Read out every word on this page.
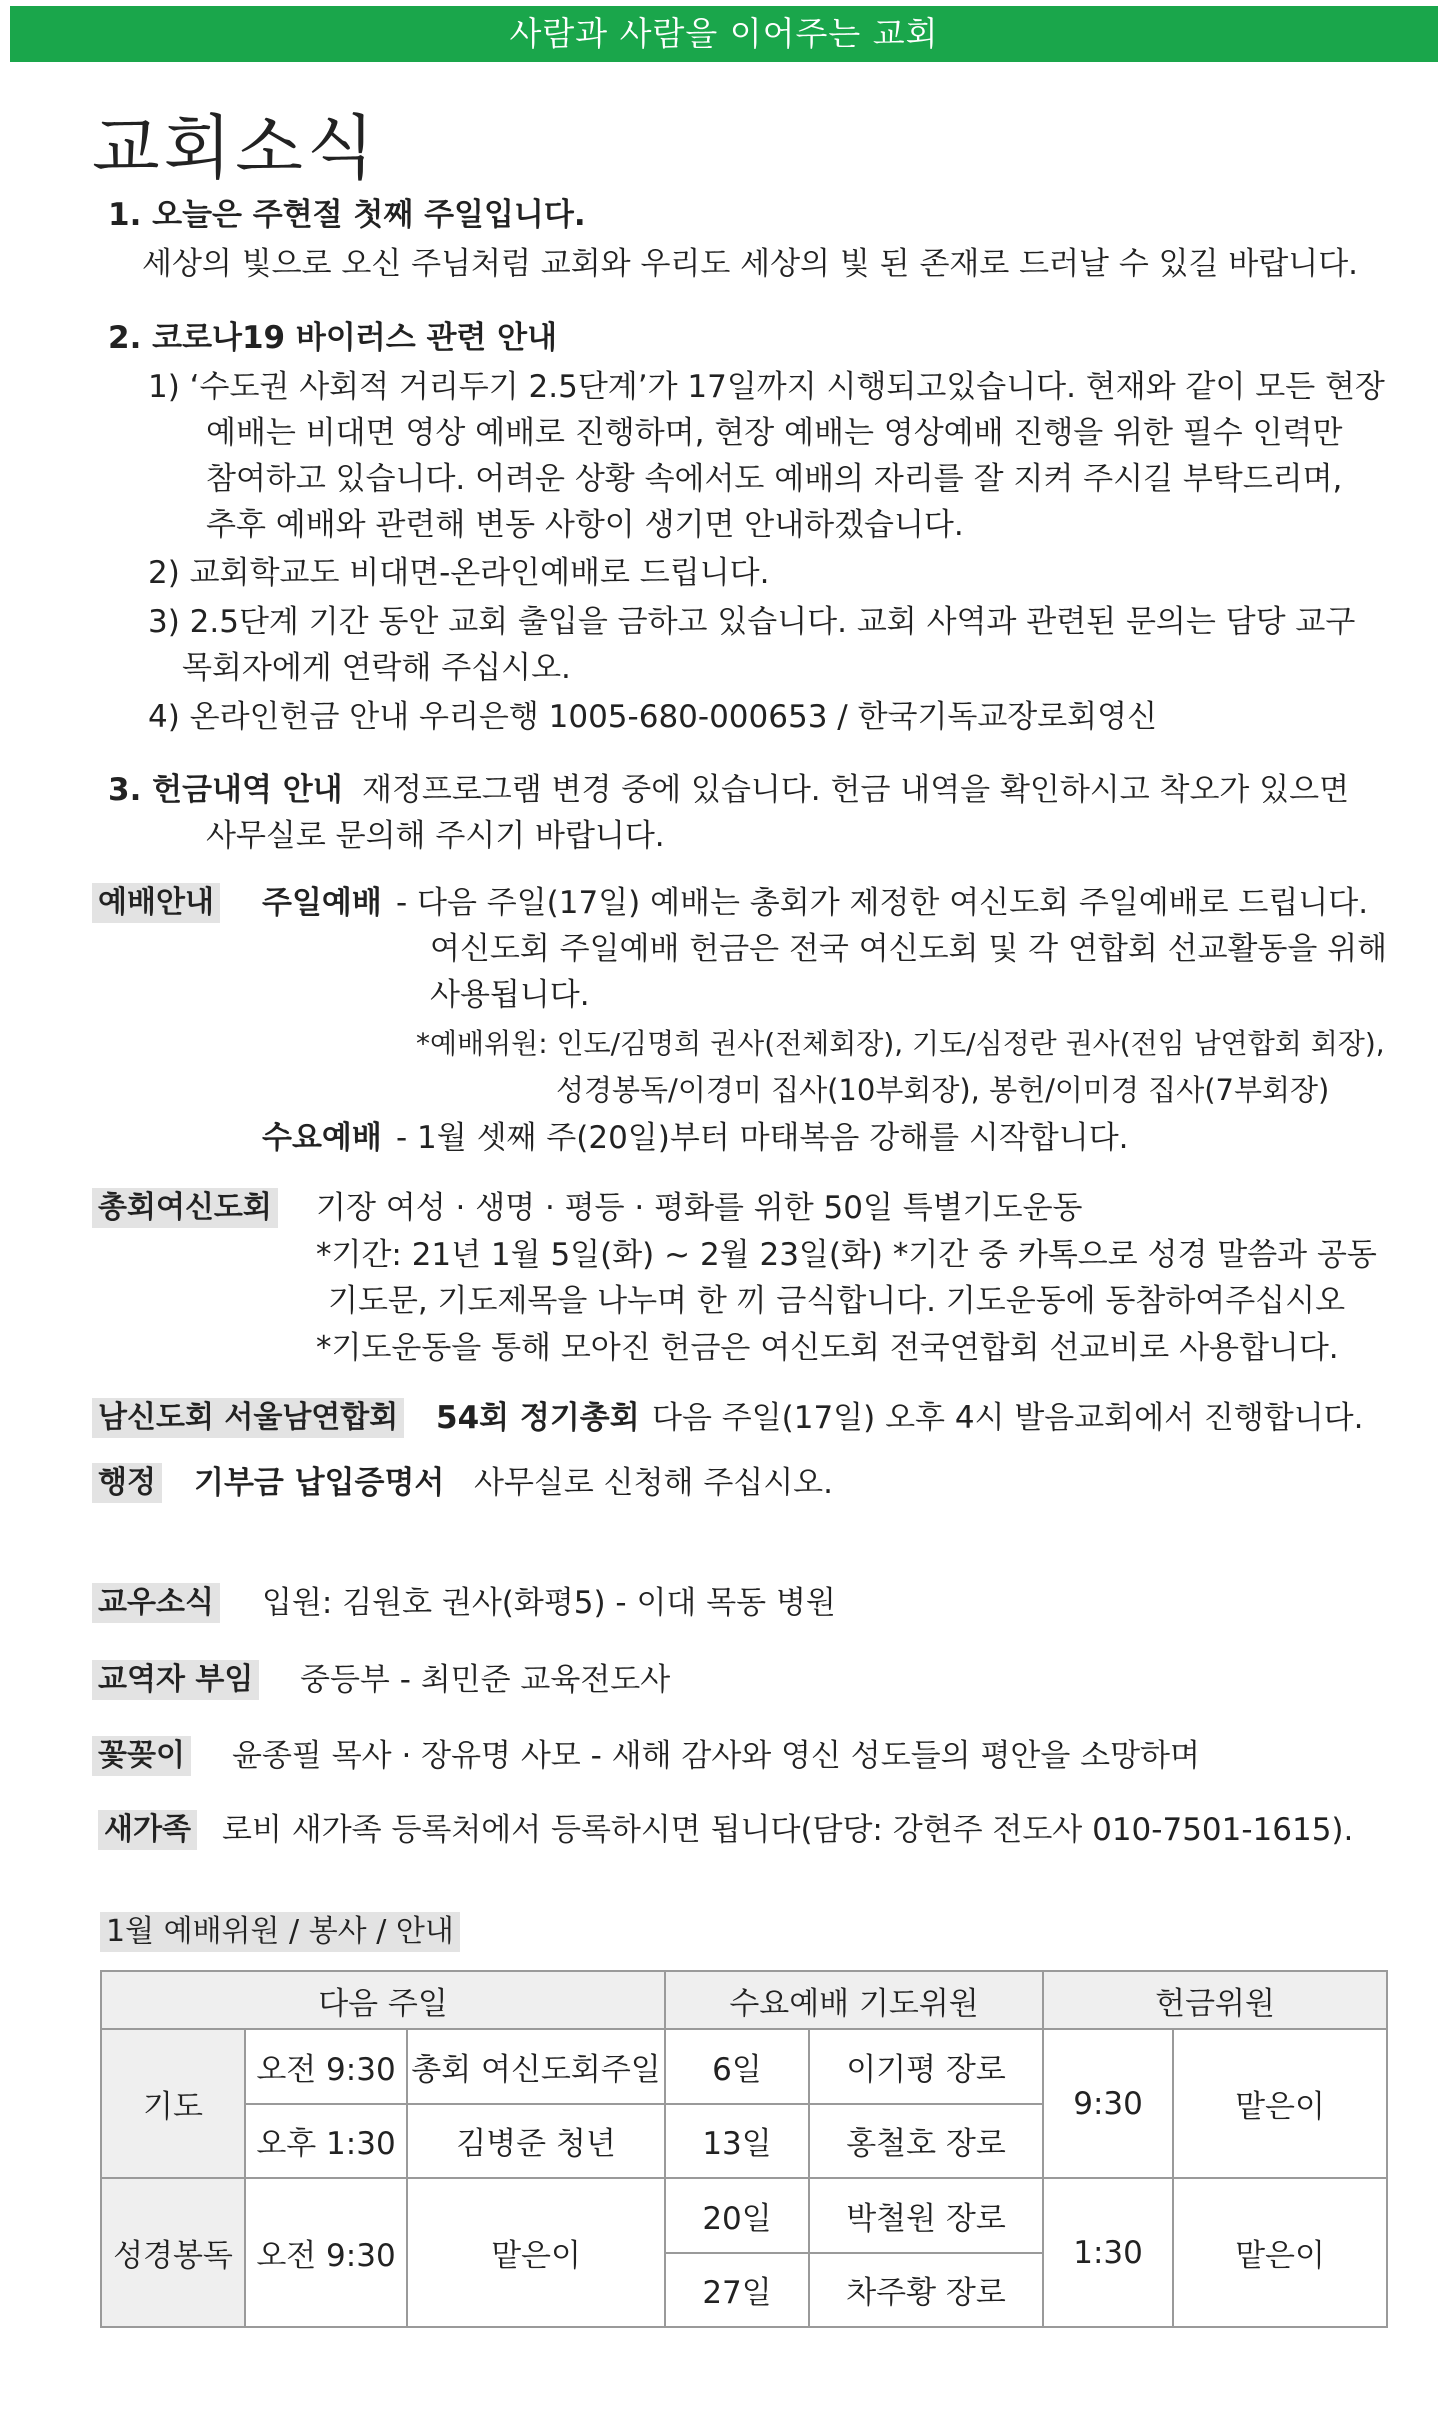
사람과 사람을 이어주는 교회
교회소식
1. 오늘은 주현절 첫째 주일입니다.
세상의 빛으로 오신 주님처럼 교회와 우리도 세상의 빛 된 존재로 드러날 수 있길 바랍니다.
2. 코로나19 바이러스 관련 안내
1) ‘수도권 사회적 거리두기 2.5단계’가 17일까지 시행되고있습니다. 현재와 같이 모든 현장
예배는 비대면 영상 예배로 진행하며, 현장 예배는 영상예배 진행을 위한 필수 인력만
참여하고 있습니다. 어려운 상황 속에서도 예배의 자리를 잘 지켜 주시길 부탁드리며,
추후 예배와 관련해 변동 사항이 생기면 안내하겠습니다.
2) 교회학교도 비대면-온라인예배로 드립니다.
3) 2.5단계 기간 동안 교회 출입을 금하고 있습니다. 교회 사역과 관련된 문의는 담당 교구
목회자에게 연락해 주십시오.
4) 온라인헌금 안내 우리은행 1005-680-000653 / 한국기독교장로회영신
3. 헌금내역 안내 재정프로그램 변경 중에 있습니다. 헌금 내역을 확인하시고 착오가 있으면
사무실로 문의해 주시기 바랍니다.
예배안내 주일예배 - 다음 주일(17일) 예배는 총회가 제정한 여신도회 주일예배로 드립니다.
여신도회 주일예배 헌금은 전국 여신도회 및 각 연합회 선교활동을 위해
사용됩니다.
*예배위원: 인도/김명희 권사(전체회장), 기도/심정란 권사(전임 남연합회 회장),
성경봉독/이경미 집사(10부회장), 봉헌/이미경 집사(7부회장)
수요예배 - 1월 셋째 주(20일)부터 마태복음 강해를 시작합니다.
총회여신도회 기장 여성 · 생명 · 평등 · 평화를 위한 50일 특별기도운동
*기간: 21년 1월 5일(화) ~ 2월 23일(화) *기간 중 카톡으로 성경 말씀과 공동
기도문, 기도제목을 나누며 한 끼 금식합니다. 기도운동에 동참하여주십시오
*기도운동을 통해 모아진 헌금은 여신도회 전국연합회 선교비로 사용합니다.
남신도회 서울남연합회 54회 정기총회 다음 주일(17일) 오후 4시 발음교회에서 진행합니다.
행정 기부금 납입증명서 사무실로 신청해 주십시오.
교우소식 입원: 김원호 권사(화평5) - 이대 목동 병원
교역자 부임 중등부 - 최민준 교육전도사
꽃꽂이 윤종필 목사 · 장유명 사모 - 새해 감사와 영신 성도들의 평안을 소망하며
새가족 로비 새가족 등록처에서 등록하시면 됩니다(담당: 강현주 전도사 010-7501-1615).
1월 예배위원 / 봉사 / 안내
다음 주일			수요예배 기도위원		헌금위원	
기도	오전 9:30	총회 여신도회주일	6일	이기평 장로	9:30	맡은이
	오후 1:30	김병준 청년	13일	홍철호 장로		
성경봉독	오전 9:30	맡은이	20일	박철원 장로	1:30	맡은이
			27일	차주황 장로		
